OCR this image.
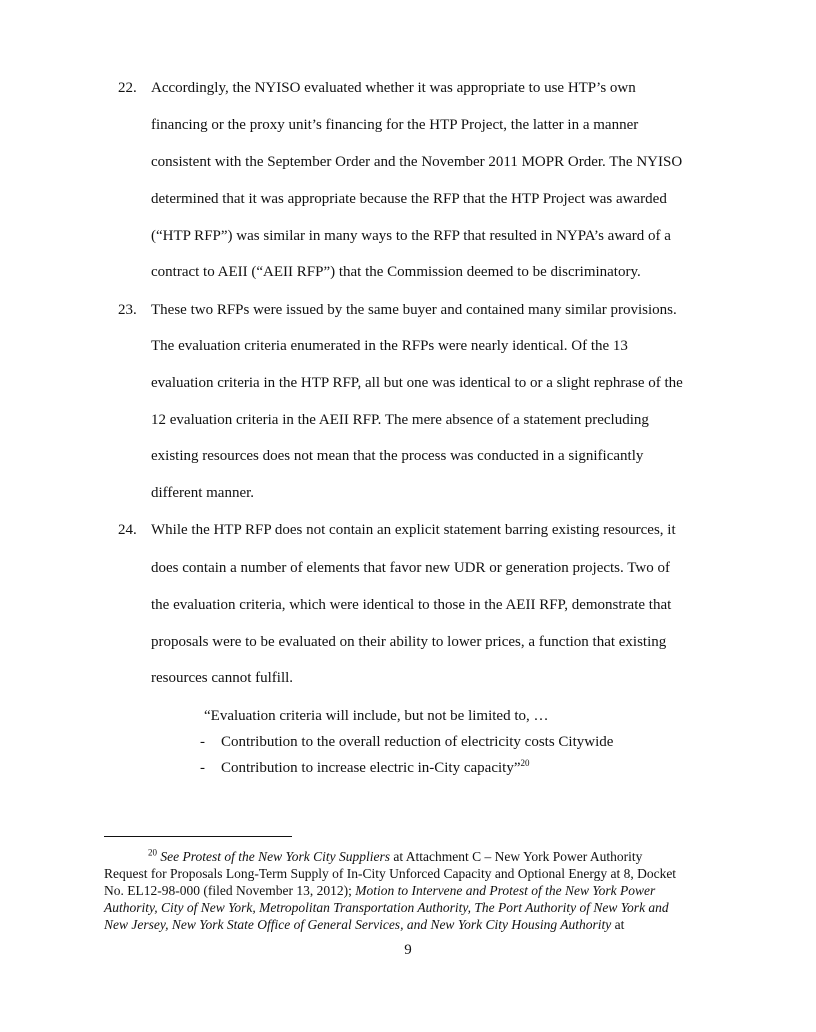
22. Accordingly, the NYISO evaluated whether it was appropriate to use HTP’s own
financing or the proxy unit’s financing for the HTP Project, the latter in a manner
consistent with the September Order and the November 2011 MOPR Order. The NYISO
determined that it was appropriate because the RFP that the HTP Project was awarded
(“HTP RFP”) was similar in many ways to the RFP that resulted in NYPA’s award of a
contract to AEII (“AEII RFP”) that the Commission deemed to be discriminatory.
23. These two RFPs were issued by the same buyer and contained many similar provisions.
The evaluation criteria enumerated in the RFPs were nearly identical. Of the 13
evaluation criteria in the HTP RFP, all but one was identical to or a slight rephrase of the
12 evaluation criteria in the AEII RFP. The mere absence of a statement precluding
existing resources does not mean that the process was conducted in a significantly
different manner.
24. While the HTP RFP does not contain an explicit statement barring existing resources, it
does contain a number of elements that favor new UDR or generation projects. Two of
the evaluation criteria, which were identical to those in the AEII RFP, demonstrate that
proposals were to be evaluated on their ability to lower prices, a function that existing
resources cannot fulfill.
“Evaluation criteria will include, but not be limited to, …
- Contribution to the overall reduction of electricity costs Citywide
- Contribution to increase electric in-City capacity”$^{20}$
$^{20}$ See Protest of the New York City Suppliers at Attachment C – New York Power Authority
Request for Proposals Long-Term Supply of In-City Unforced Capacity and Optional Energy at 8, Docket
No. EL12-98-000 (filed November 13, 2012); Motion to Intervene and Protest of the New York Power
Authority, City of New York, Metropolitan Transportation Authority, The Port Authority of New York and
New Jersey, New York State Office of General Services, and New York City Housing Authority at
9
